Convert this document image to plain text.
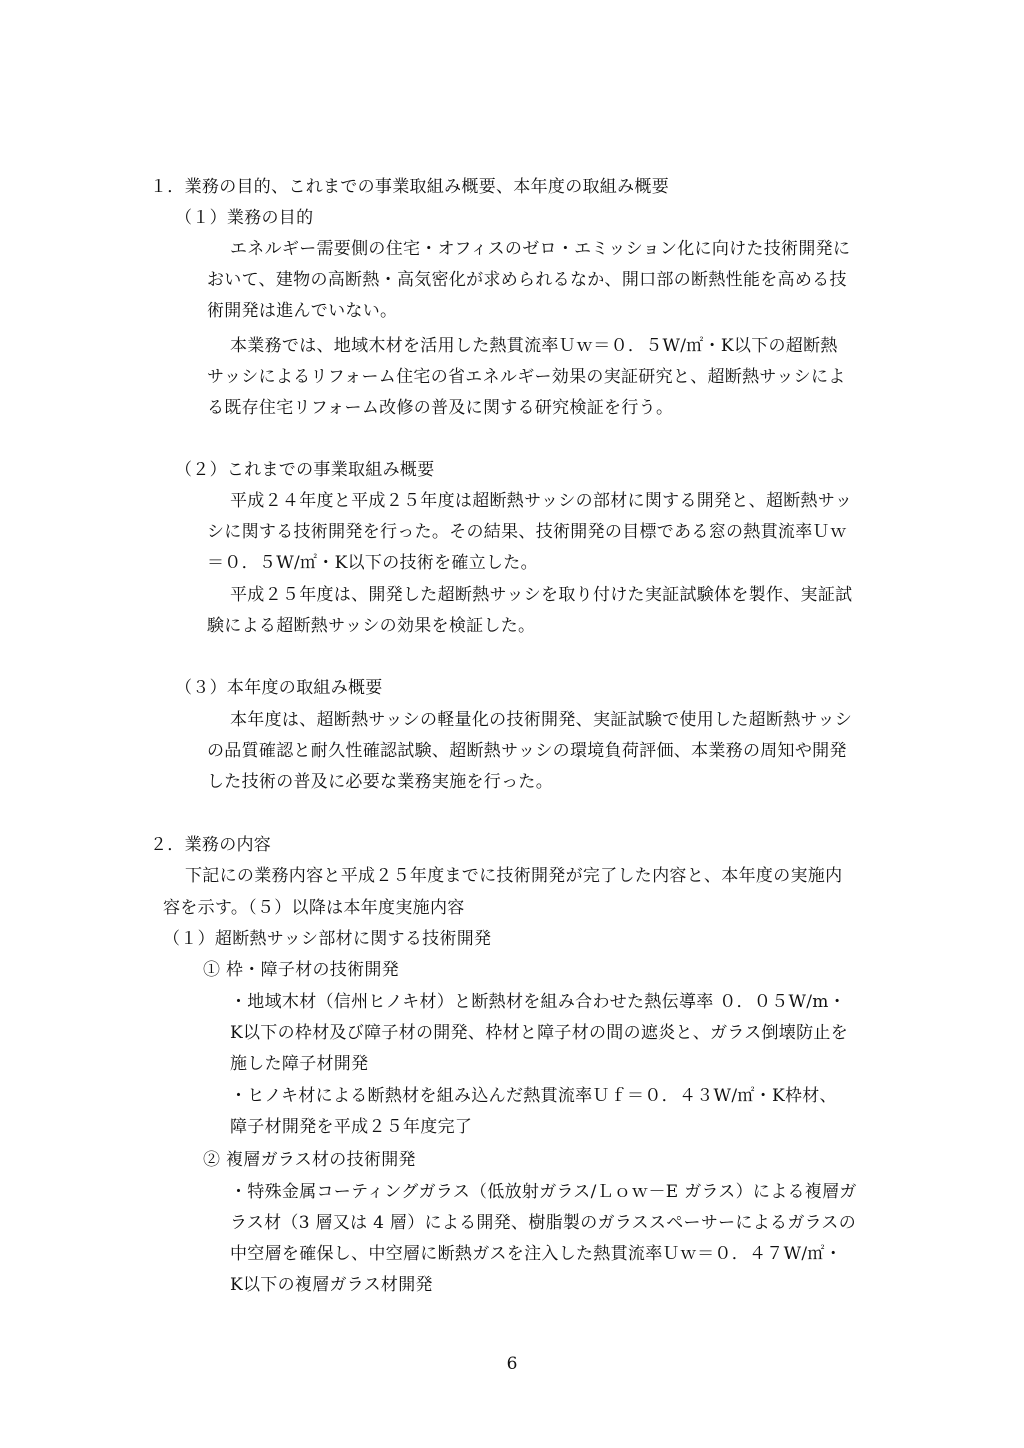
１．業務の目的、これまでの事業取組み概要、本年度の取組み概要

（１）業務の目的

エネルギー需要側の住宅・オフィスのゼロ・エミッション化に向けた技術開発に

おいて、建物の高断熱・高気密化が求められるなか、開口部の断熱性能を高める技

術開発は進んでいない。

本業務では、地域木材を活用した熱貫流率Ｕｗ＝０．５W/㎡・K以下の超断熱

サッシによるリフォーム住宅の省エネルギー効果の実証研究と、超断熱サッシによ

る既存住宅リフォーム改修の普及に関する研究検証を行う。

（２）これまでの事業取組み概要

平成２４年度と平成２５年度は超断熱サッシの部材に関する開発と、超断熱サッ

シに関する技術開発を行った。その結果、技術開発の目標である窓の熱貫流率Ｕｗ

＝０．５W/㎡・K以下の技術を確立した。

平成２５年度は、開発した超断熱サッシを取り付けた実証試験体を製作、実証試

験による超断熱サッシの効果を検証した。

（３）本年度の取組み概要

本年度は、超断熱サッシの軽量化の技術開発、実証試験で使用した超断熱サッシ

の品質確認と耐久性確認試験、超断熱サッシの環境負荷評価、本業務の周知や開発

した技術の普及に必要な業務実施を行った。

２．業務の内容

下記にの業務内容と平成２５年度までに技術開発が完了した内容と、本年度の実施内

容を示す。（５）以降は本年度実施内容

（１）超断熱サッシ部材に関する技術開発

① 枠・障子材の技術開発

・地域木材（信州ヒノキ材）と断熱材を組み合わせた熱伝導率 ０．０５W/m・

K以下の枠材及び障子材の開発、枠材と障子材の間の遮炎と、ガラス倒壊防止を

施した障子材開発

・ヒノキ材による断熱材を組み込んだ熱貫流率Ｕｆ＝０．４３W/㎡・K枠材、

障子材開発を平成２５年度完了

② 複層ガラス材の技術開発

・特殊金属コーティングガラス（低放射ガラス/Ｌｏｗ－E ガラス）による複層ガ

ラス材（3 層又は 4 層）による開発、樹脂製のガラススペーサーによるガラスの

中空層を確保し、中空層に断熱ガスを注入した熱貫流率Ｕｗ＝０．４７W/㎡・

K以下の複層ガラス材開発

6
